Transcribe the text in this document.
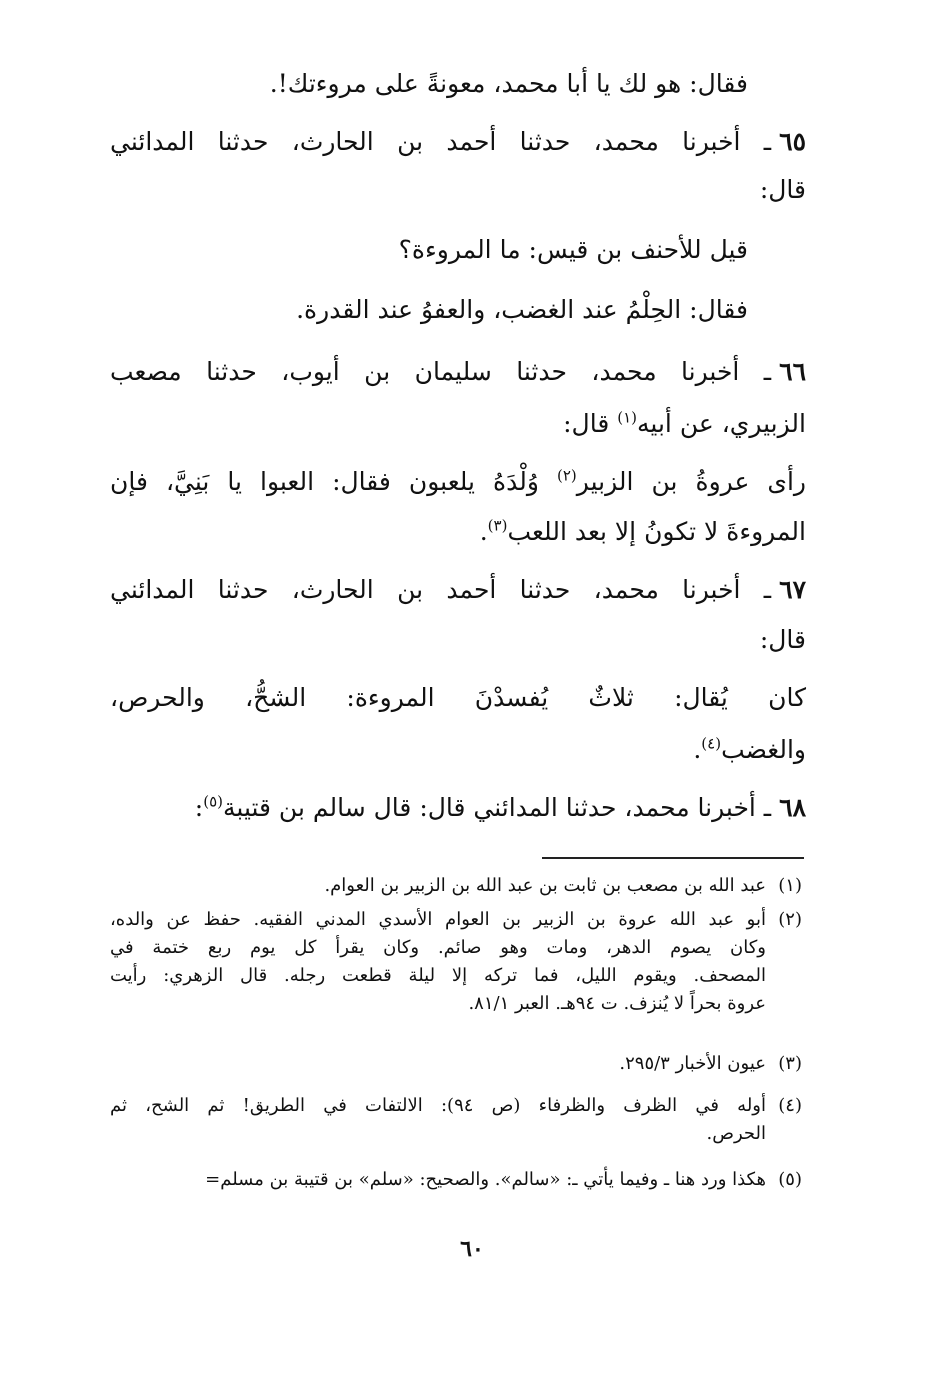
فقال: هو لك يا أبا محمد، معونةً على مروءتك!.
٦٥ـ أخبرنا محمد، حدثنا أحمد بن الحارث، حدثنا المدائني
قال:
قيل للأحنف بن قيس: ما المروءة؟
فقال: الحِلْمُ عند الغضب، والعفوُ عند القدرة.
٦٦ـ أخبرنا محمد، حدثنا سليمان بن أيوب، حدثنا مصعب
الزبيري، عن أبيه$^{(١)}$ قال:
رأى عروةُ بن الزبير$^{(٢)}$ وُلْدَهُ يلعبون فقال: العبوا يا بَنِيَّ، فإن
المروءةَ لا تكونُ إلا بعد اللعب$^{(٣)}$.
٦٧ـ أخبرنا محمد، حدثنا أحمد بن الحارث، حدثنا المدائني
قال:
كان يُقال: ثلاثٌ يُفسدْنَ المروءة: الشحُّ، والحرص،
والغضب$^{(٤)}$.
٦٨ـ أخبرنا محمد، حدثنا المدائني قال: قال سالم بن قتيبة$^{(٥)}$:
(١)
عبد الله بن مصعب بن ثابت بن عبد الله بن الزبير بن العوام.
(٢)
أبو عبد الله عروة بن الزبير بن العوام الأسدي المدني الفقيه. حفظ عن والده،
وكان يصوم الدهر، ومات وهو صائم. وكان يقرأ كل يوم ربع ختمة في
المصحف. ويقوم الليل، فما تركه إلا ليلة قطعت رجله. قال الزهري: رأيت
عروة بحراً لا يُنزف. ت ٩٤هـ. العبر ٨١/١.
(٣)
عيون الأخبار ٢٩٥/٣.
(٤)
أوله في الظرف والظرفاء (ص ٩٤): الالتفات في الطريق! ثم الشح، ثم
الحرص.
(٥)
هكذا ورد هنا ـ وفيما يأتي ـ: «سالم». والصحيح: «سلم» بن قتيبة بن مسلم=
٦٠
